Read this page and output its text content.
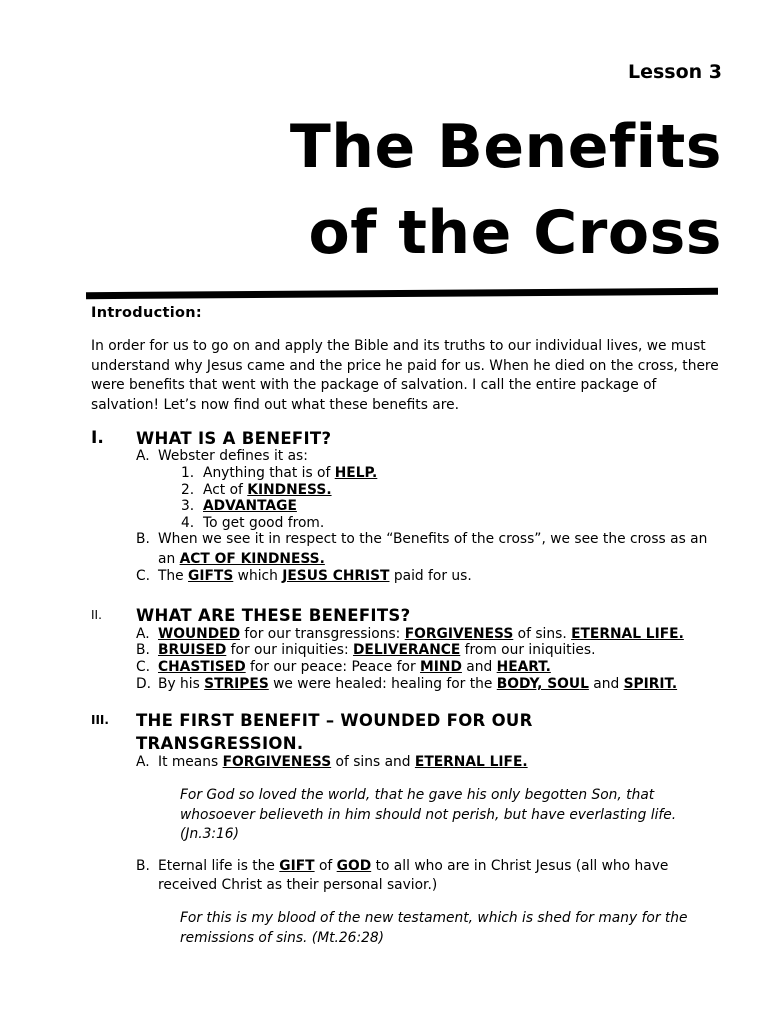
Lesson 3
The Benefits
of the Cross
Introduction:
In order for us to go on and apply the Bible and its truths to our individual lives, we must
understand why Jesus came and the price he paid for us. When he died on the cross, there
were benefits that went with the package of salvation. I call the entire package of
salvation! Let’s now find out what these benefits are.
I. WHAT IS A BENEFIT?
A. Webster defines it as:
1. Anything that is of HELP.
2. Act of KINDNESS.
3. ADVANTAGE
4. To get good from.
B. When we see it in respect to the “Benefits of the cross”, we see the cross as an
an ACT OF KINDNESS.
C. The GIFTS which JESUS CHRIST paid for us.
II. WHAT ARE THESE BENEFITS?
A. WOUNDED for our transgressions: FORGIVENESS of sins. ETERNAL LIFE.
B. BRUISED for our iniquities: DELIVERANCE from our iniquities.
C. CHASTISED for our peace: Peace for MIND and HEART.
D. By his STRIPES we were healed: healing for the BODY, SOUL and SPIRIT.
III. THE FIRST BENEFIT – WOUNDED FOR OUR TRANSGRESSION.
A. It means FORGIVENESS of sins and ETERNAL LIFE.
For God so loved the world, that he gave his only begotten Son, that
whosoever believeth in him should not perish, but have everlasting life.
(Jn.3:16)
B. Eternal life is the GIFT of GOD to all who are in Christ Jesus (all who have
received Christ as their personal savior.)
For this is my blood of the new testament, which is shed for many for the
remissions of sins. (Mt.26:28)
